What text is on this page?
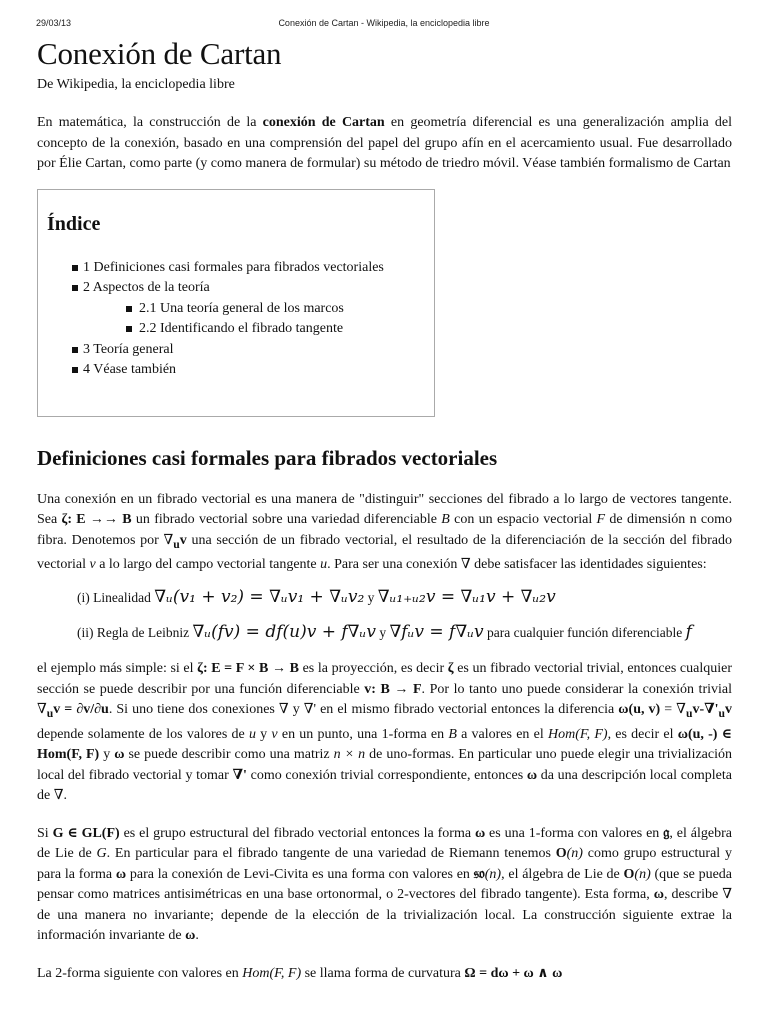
29/03/13	Conexión de Cartan - Wikipedia, la enciclopedia libre
Conexión de Cartan
De Wikipedia, la enciclopedia libre

En matemática, la construcción de la conexión de Cartan en geometría diferencial es una generalización amplia del concepto de la conexión, basado en una comprensión del papel del grupo afín en el acercamiento usual. Fue desarrollado por Élie Cartan, como parte (y como manera de formular) su método de triedro móvil. Véase también formalismo de Cartan

Índice
1 Definiciones casi formales para fibrados vectoriales
2 Aspectos de la teoría
2.1 Una teoría general de los marcos
2.2 Identificando el fibrado tangente
3 Teoría general
4 Véase también
Definiciones casi formales para fibrados vectoriales

Una conexión en un fibrado vectorial es una manera de "distinguir" secciones del fibrado a lo largo de vectores tangente. Sea ζ: E →→ B un fibrado vectorial sobre una variedad diferenciable B con un espacio vectorial F de dimensión n como fibra. Denotemos por $\nabla_uv$ una sección de un fibrado vectorial, el resultado de la diferenciación de la sección del fibrado vectorial v a lo largo del campo vectorial tangente u. Para ser una conexión ∇ debe satisfacer las identidades siguientes:

(i) Linealidad ∇ᵤ(v₁ + v₂) = ∇ᵤv₁ + ∇ᵤv₂ y ∇ᵤ₁₊ᵤ₂v = ∇ᵤ₁v + ∇ᵤ₂v
(ii) Regla de Leibniz ∇ᵤ(fv) = df(u)v + f∇ᵤv y ∇fᵤv = f∇ᵤv para cualquier función diferenciable f

el ejemplo más simple: si el ζ: E = F × B → B es la proyección, es decir ζ es un fibrado vectorial trivial, entonces cualquier sección se puede describir por una función diferenciable v: B → F. Por lo tanto uno puede considerar la conexión trivial $\nabla_uv = \partial v/\partial u$. Si uno tiene dos conexiones ∇ y ∇' en el mismo fibrado vectorial entonces la diferencia ω(u, $v) = \nabla_uv-\nabla'_uv$ depende solamente de los valores de u y v en un punto, una 1-forma en B a valores en el Hom(F, F), es decir el ω(u, -) ∈ Hom(F, F) y ω se puede describir como una matriz n × n de uno-formas. En particular uno puede elegir una trivialización local del fibrado vectorial y tomar ∇' como conexión trivial correspondiente, entonces ω da una descripción local completa de ∇.

Si G ∈ GL(F) es el grupo estructural del fibrado vectorial entonces la forma ω es una 1-forma con valores en 𝔤, el álgebra de Lie de G. En particular para el fibrado tangente de una variedad de Riemann tenemos O(n) como grupo estructural y para la forma ω para la conexión de Levi-Civita es una forma con valores en 𝔰𝔬(n), el álgebra de Lie de O(n) (que se pueda pensar como matrices antisimétricas en una base ortonormal, o 2-vectores del fibrado tangente). Esta forma, ω, describe ∇ de una manera no invariante; depende de la elección de la trivialización local. La construcción siguiente extrae la información invariante de ω.

La 2-forma siguiente con valores en Hom(F, F) se llama forma de curvatura Ω = dω + ω ∧ ω
